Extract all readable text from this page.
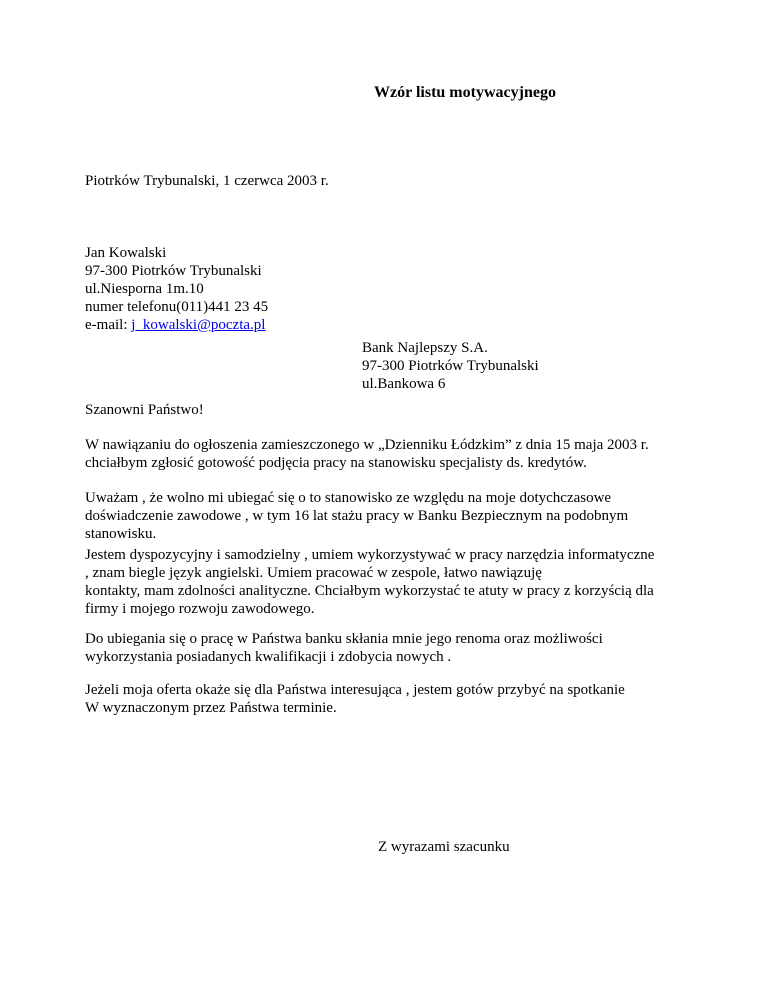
Wzór listu motywacyjnego
Piotrków Trybunalski, 1 czerwca 2003 r.
Jan Kowalski
97-300 Piotrków Trybunalski
ul.Niesporna 1m.10
numer telefonu(011)441 23 45
e-mail: j_kowalski@poczta.pl
Bank Najlepszy S.A.
97-300 Piotrków Trybunalski
ul.Bankowa 6
Szanowni Państwo!
W nawiązaniu do ogłoszenia zamieszczonego w „Dzienniku Łódzkim” z dnia 15 maja 2003 r.
chciałbym zgłosić gotowość podjęcia pracy na stanowisku specjalisty ds. kredytów.
Uważam , że wolno mi ubiegać się o to stanowisko ze względu na moje dotychczasowe
doświadczenie zawodowe , w tym 16 lat stażu pracy w Banku Bezpiecznym na podobnym
stanowisku.
Jestem dyspozycyjny i samodzielny , umiem wykorzystywać w pracy narzędzia informatyczne
, znam biegle język angielski. Umiem pracować w zespole, łatwo nawiązuję
kontakty, mam zdolności analityczne. Chciałbym wykorzystać te atuty w pracy z korzyścią dla
firmy i mojego rozwoju zawodowego.
Do ubiegania się o pracę w Państwa banku skłania mnie jego renoma oraz możliwości
wykorzystania posiadanych kwalifikacji i zdobycia nowych .
Jeżeli moja oferta okaże się dla Państwa interesująca , jestem gotów przybyć na spotkanie
W wyznaczonym przez Państwa terminie.
Z wyrazami szacunku
